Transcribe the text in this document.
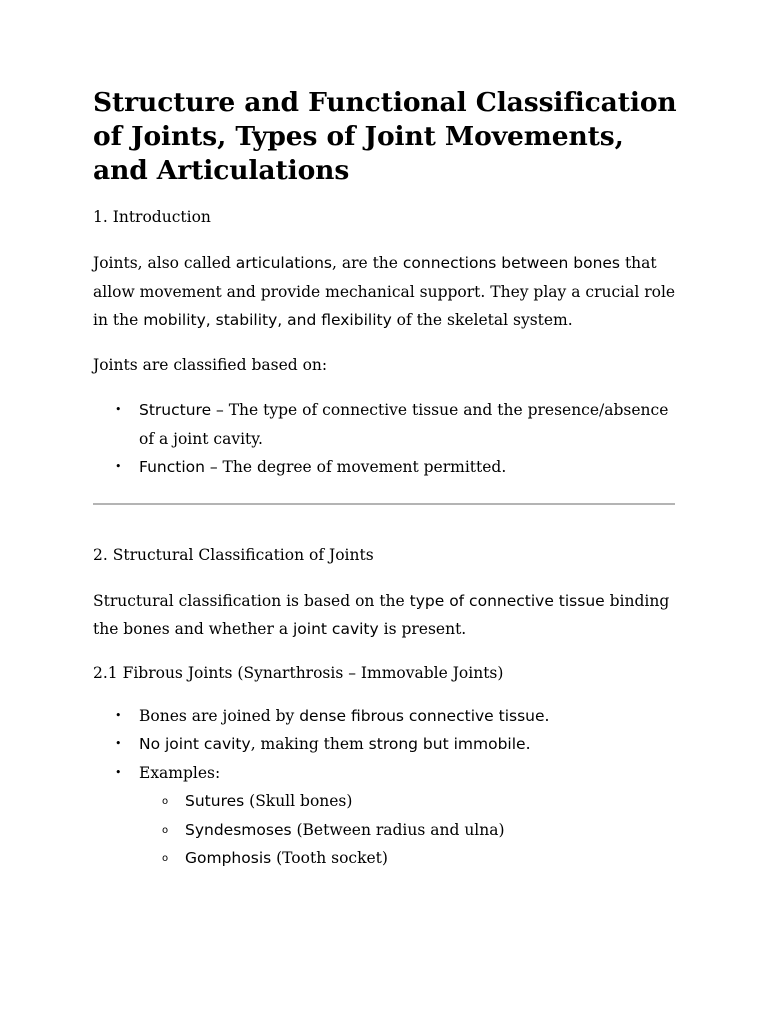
Structure and Functional Classification of Joints, Types of Joint Movements, and Articulations
1. Introduction

Joints, also called articulations, are the connections between bones that allow movement and provide mechanical support. They play a crucial role in the mobility, stability, and flexibility of the skeletal system.

Joints are classified based on:

• Structure – The type of connective tissue and the presence/absence of a joint cavity.
• Function – The degree of movement permitted.
2. Structural Classification of Joints

Structural classification is based on the type of connective tissue binding the bones and whether a joint cavity is present.

2.1 Fibrous Joints (Synarthrosis – Immovable Joints)
• Bones are joined by dense fibrous connective tissue.
• No joint cavity, making them strong but immobile.
• Examples:
o Sutures (Skull bones)
o Syndesmoses (Between radius and ulna)
o Gomphosis (Tooth socket)
